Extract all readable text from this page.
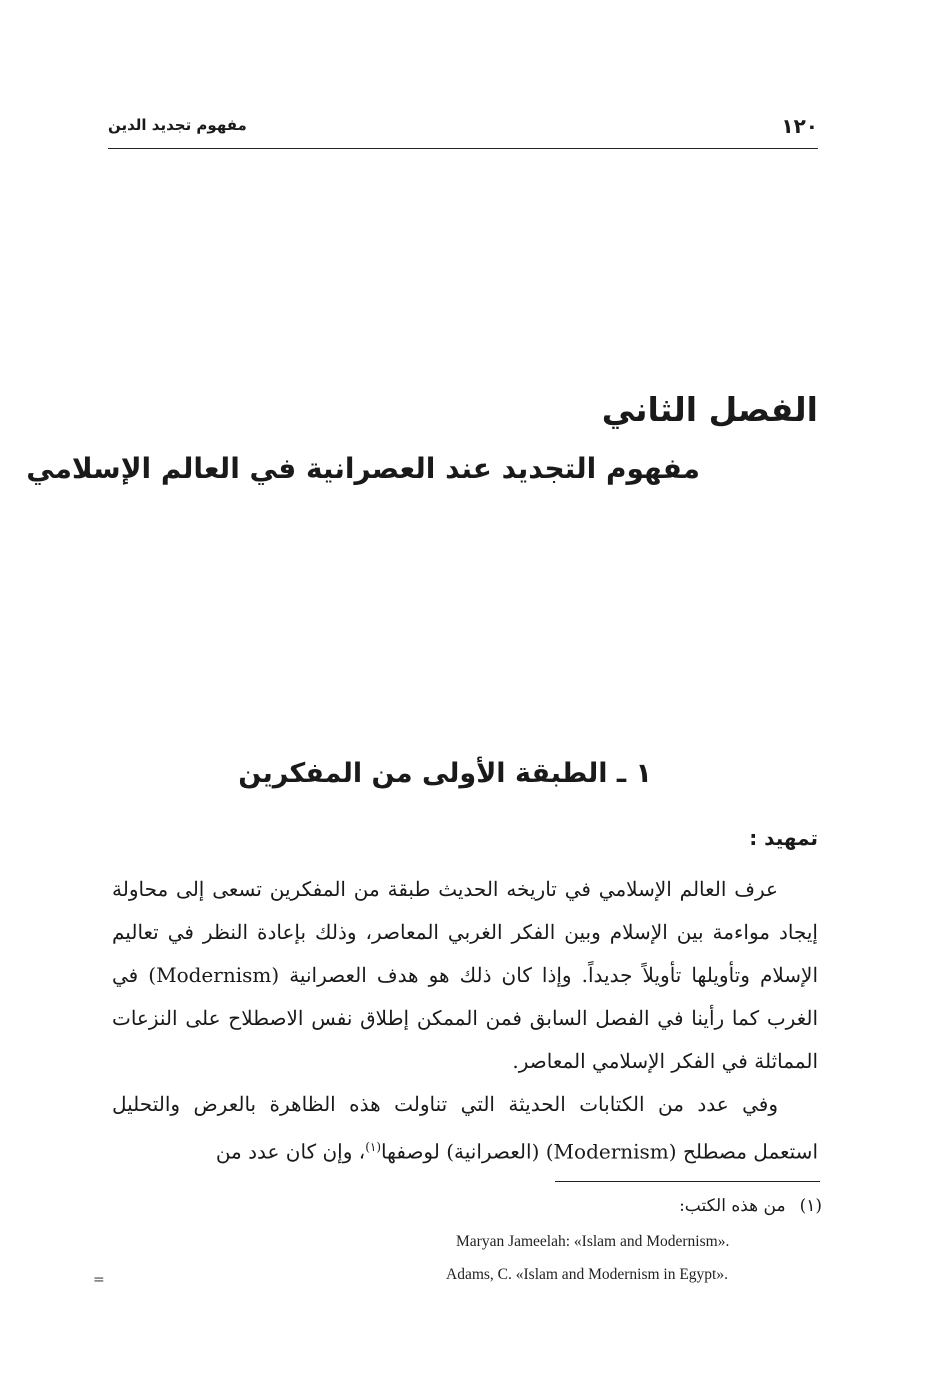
١٢٠
مفهوم تجديد الدين
الفصل الثاني
مفهوم التجديد عند العصرانية في العالم الإسلامي
١ ـ الطبقة الأولى من المفكرين
تمهيد :

عرف العالم الإسلامي في تاريخه الحديث طبقة من المفكرين تسعى إلى محاولة إيجاد مواءمة بين الإسلام وبين الفكر الغربي المعاصر، وذلك بإعادة النظر في تعاليم الإسلام وتأويلها تأويلاً جديداً. وإذا كان ذلك هو هدف العصرانية (Modernism) في الغرب كما رأينا في الفصل السابق فمن الممكن إطلاق نفس الاصطلاح على النزعات المماثلة في الفكر الإسلامي المعاصر.

وفي عدد من الكتابات الحديثة التي تناولت هذه الظاهرة بالعرض والتحليل استعمل مصطلح (Modernism) (العصرانية) لوصفها$^{(١)}$، وإن كان عدد من

(١)من هذه الكتب:
Maryan Jameelah: «Islam and Modernism».
Adams, C. «Islam and Modernism in Egypt».
=
